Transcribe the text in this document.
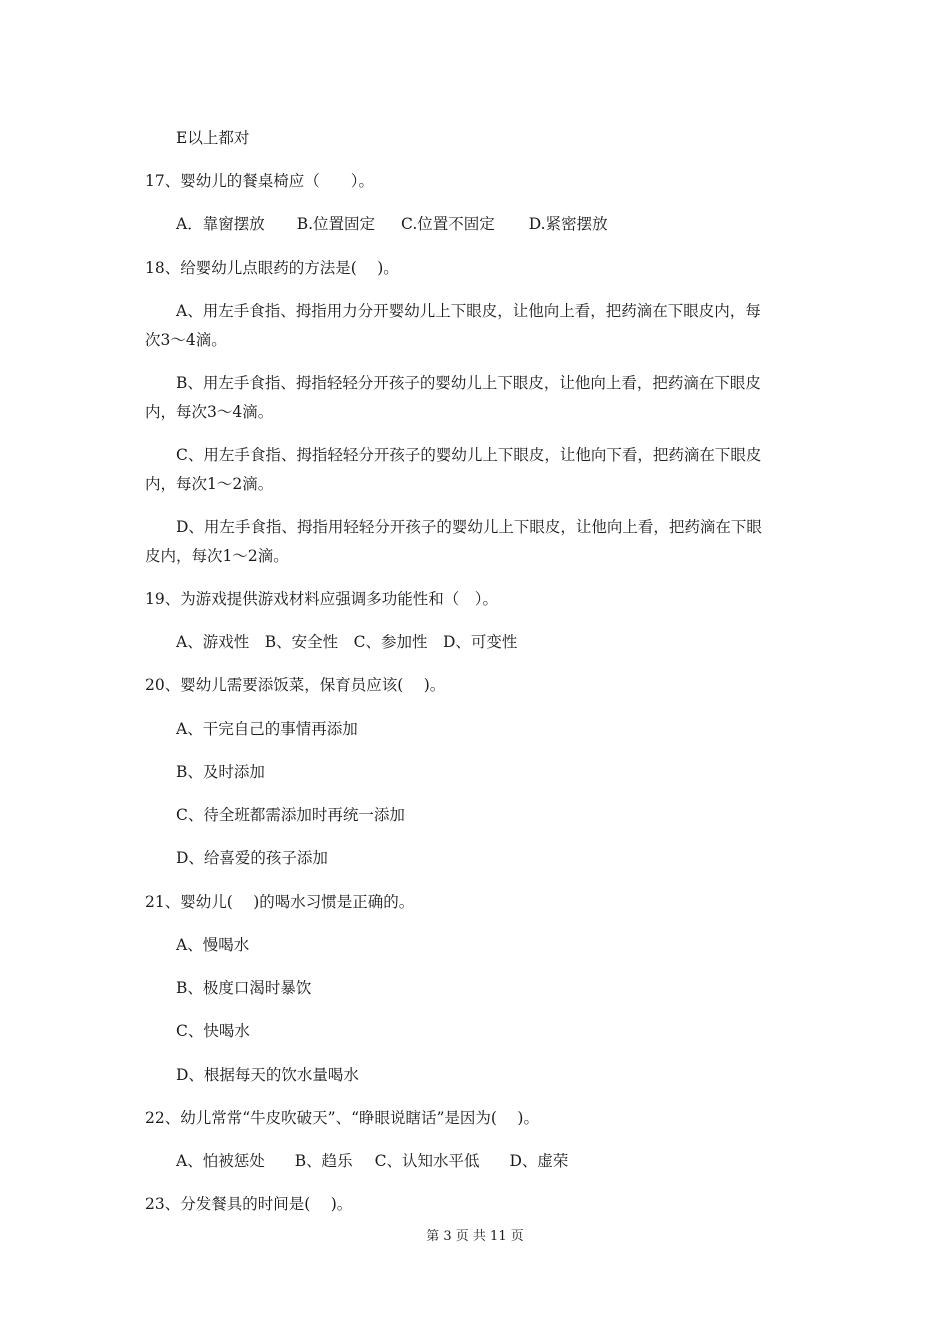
E以上都对

17、婴幼儿的餐桌椅应（　　）。

A．靠窗摆放 B.位置固定 C.位置不固定 D.紧密摆放

18、给婴幼儿点眼药的方法是(　 )。

A、用左手食指、拇指用力分开婴幼儿上下眼皮，让他向上看，把药滴在下眼皮内，每

次3～4滴。

B、用左手食指、拇指轻轻分开孩子的婴幼儿上下眼皮，让他向上看，把药滴在下眼皮

内，每次3～4滴。

C、用左手食指、拇指轻轻分开孩子的婴幼儿上下眼皮，让他向下看，把药滴在下眼皮

内，每次1～2滴。

D、用左手食指、拇指用轻轻分开孩子的婴幼儿上下眼皮，让他向上看，把药滴在下眼

皮内，每次1～2滴。

19、为游戏提供游戏材料应强调多功能性和（　）。

A、游戏性　B、安全性　C、参加性　D、可变性

20、婴幼儿需要添饭菜，保育员应该(　 )。

A、干完自己的事情再添加

B、及时添加

C、待全班都需添加时再统一添加

D、给喜爱的孩子添加

21、婴幼儿(　 )的喝水习惯是正确的。

A、慢喝水

B、极度口渴时暴饮

C、快喝水

D、根据每天的饮水量喝水

22、幼儿常常“牛皮吹破天”、“睁眼说瞎话”是因为(　 )。

A、怕被惩处 B、趋乐 C、认知水平低 D、虚荣

23、分发餐具的时间是(　 )。

第 3 页 共 11 页
